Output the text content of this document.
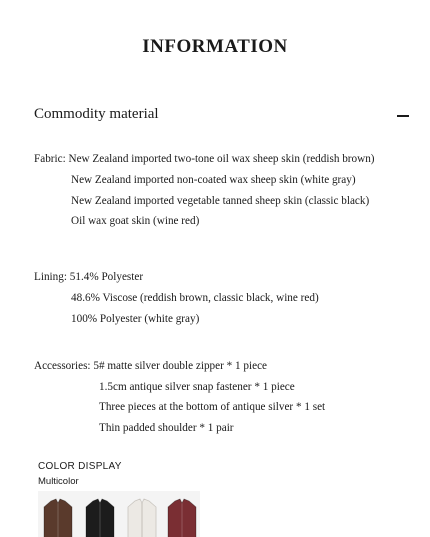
INFORMATION
Commodity material
Fabric: New Zealand imported two-tone oil wax sheep skin (reddish brown)
New Zealand imported non-coated wax sheep skin (white gray)
New Zealand imported vegetable tanned sheep skin (classic black)
Oil wax goat skin (wine red)
Lining: 51.4% Polyester
48.6% Viscose (reddish brown, classic black, wine red)
100% Polyester (white gray)
Accessories: 5# matte silver double zipper * 1 piece
1.5cm antique silver snap fastener * 1 piece
Three pieces at the bottom of antique silver * 1 set
Thin padded shoulder * 1 pair
COLOR DISPLAY
Multicolor
